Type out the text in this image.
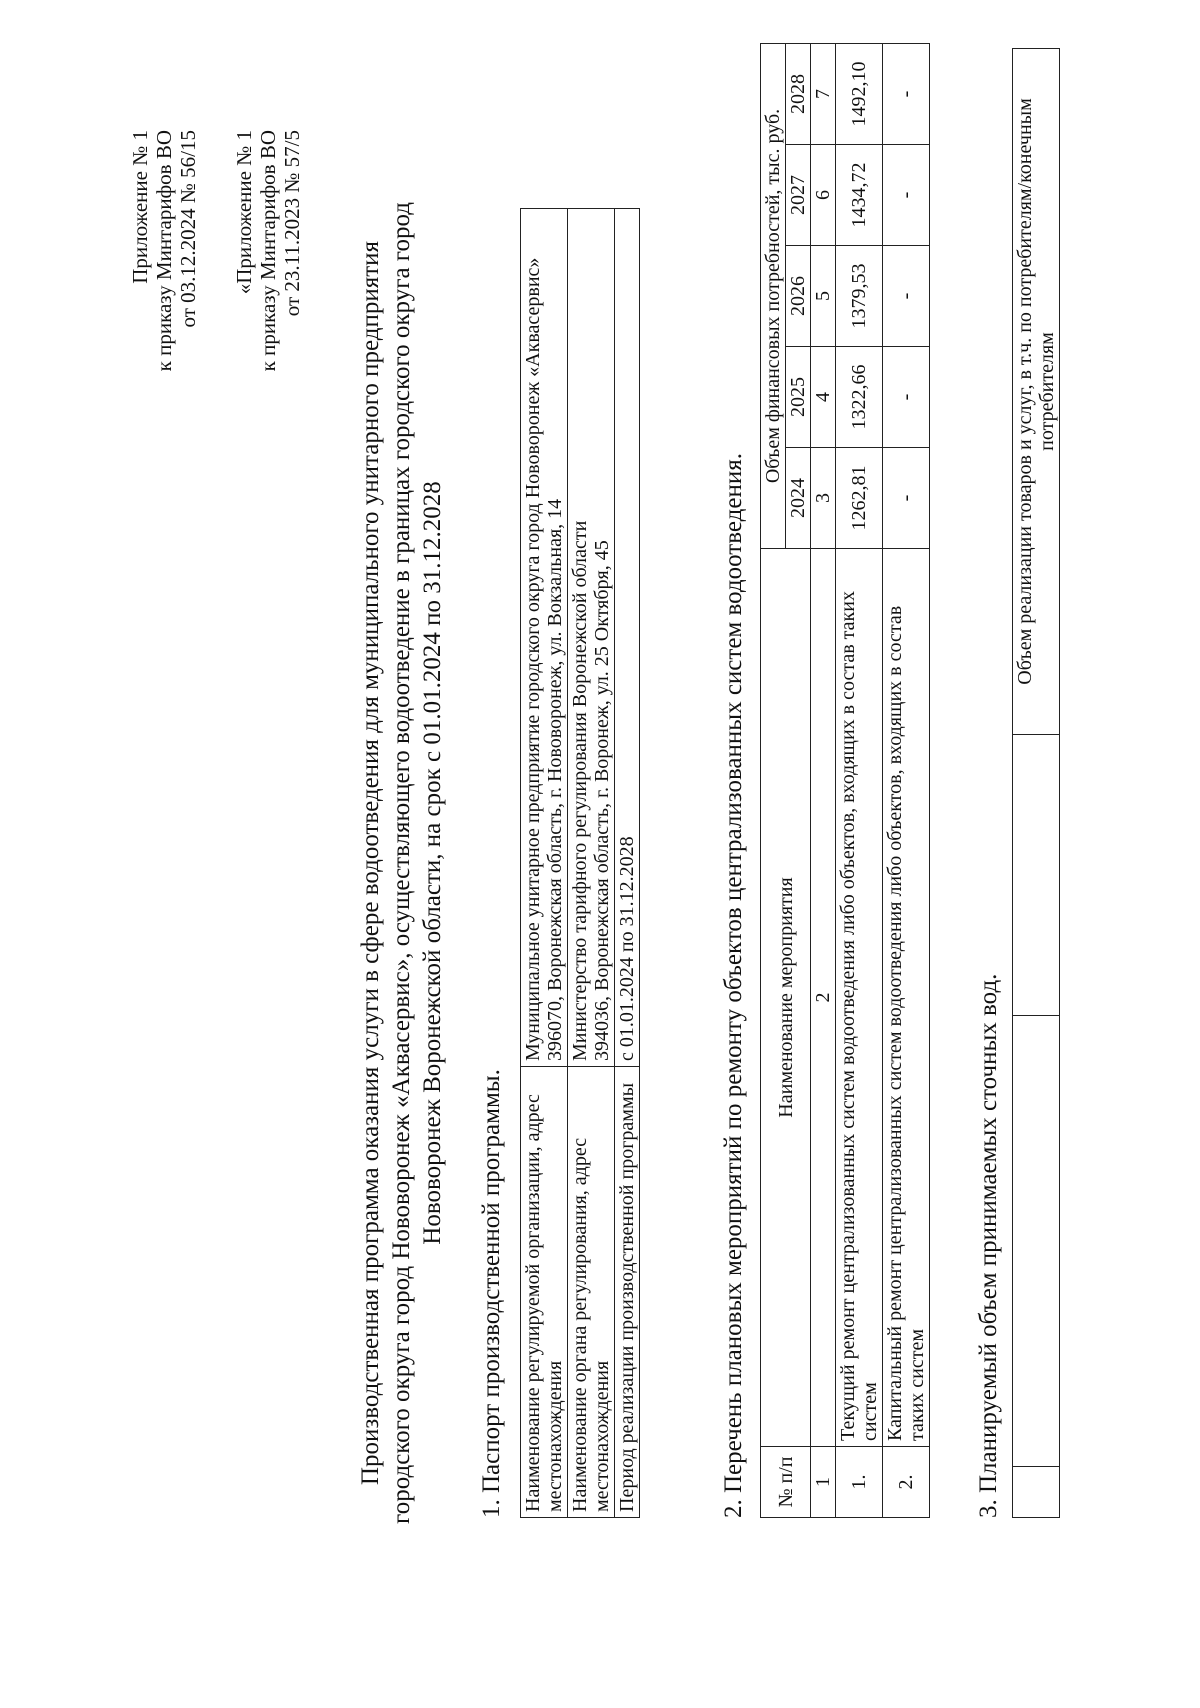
Приложение № 1 к приказу Минтарифов ВО от 03.12.2024 № 56/15 «Приложение № 1 к приказу Минтарифов ВО от 23.11.2023 № 57/5
Производственная программа оказания услуги в сфере водоотведения для муниципального унитарного предприятия городского округа город Нововоронеж «Аквасервис», осуществляющего водоотведение в границах городского округа город Нововоронеж Воронежской области, на срок с 01.01.2024 по 31.12.2028
1. Паспорт производственной программы. Наименование регулируемой организации, адрес местонахождения	Муниципальное унитарное предприятие городского округа город Нововоронеж «Аквасервис» 396070, Воронежская область, г. Нововоронеж, ул. Вокзальная, 14

Наименование органа регулирования, адрес местонахождения	Министерство тарифного регулирования Воронежской области 394036, Воронежская область, г. Воронеж, ул. 25 Октября, 45

Период реализации производственной программы	с 01.01.2024 по 31.12.2028	2. Перечень плановых мероприятий по ремонту объектов централизованных систем водоотведения. № п/п	Наименование мероприятия	Объем финансовых потребностей, тыс. руб.				
		2024	2025	2026	2027	2028
1	2	3	4	5	6	7
1.	Текущий ремонт централизованных систем водоотведения либо объектов, входящих в состав таких систем	1262,81	1322,66	1379,53	1434,72	1492,10
2.	Капитальный ремонт централизованных систем водоотведения либо объектов, входящих в состав таких систем	-	-	-	-	-
3. Планируемый объем принимаемых сточных вод.
			Объем реализации товаров и услуг, в т.ч. по потребителям/конечным потребителям
